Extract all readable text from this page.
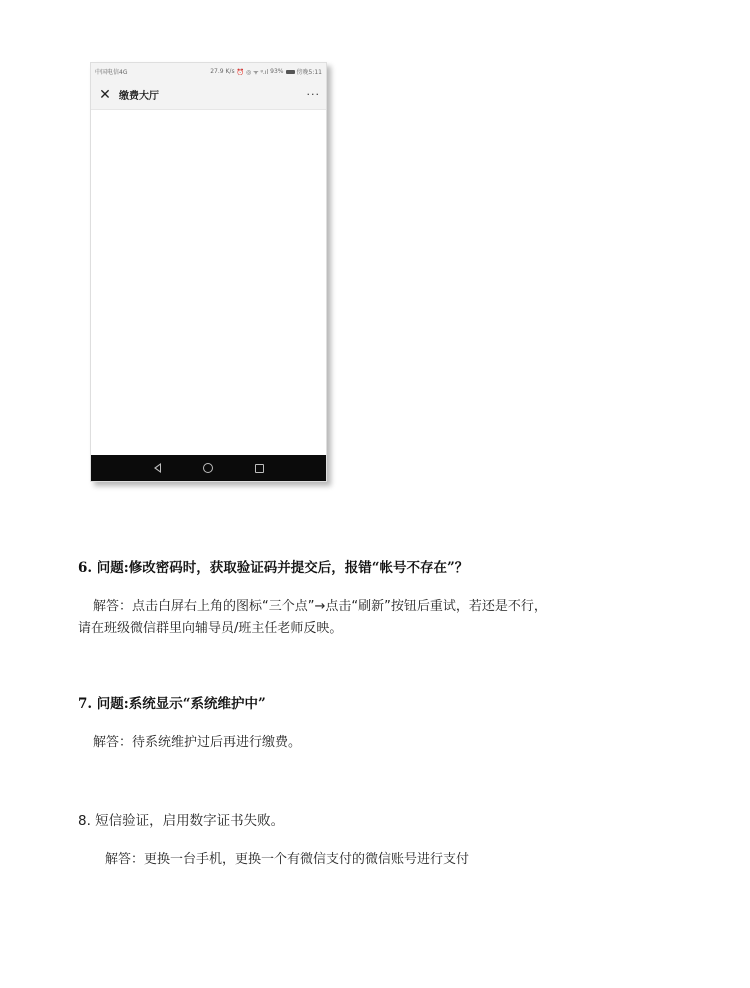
中国电信4G	27.9 K/s ⏰ ◎ ᯤ ᵍ.ıl 93% 傍晚5:11
✕ 缴费大厅	···
6. 问题:修改密码时，获取验证码并提交后，报错“帐号不存在”？
解答：点击白屏右上角的图标“三个点”→点击“刷新”按钮后重试，若还是不行，
请在班级微信群里向辅导员/班主任老师反映。
7. 问题:系统显示“系统维护中”
解答：待系统维护过后再进行缴费。
8. 短信验证，启用数字证书失败。
解答：更换一台手机，更换一个有微信支付的微信账号进行支付
